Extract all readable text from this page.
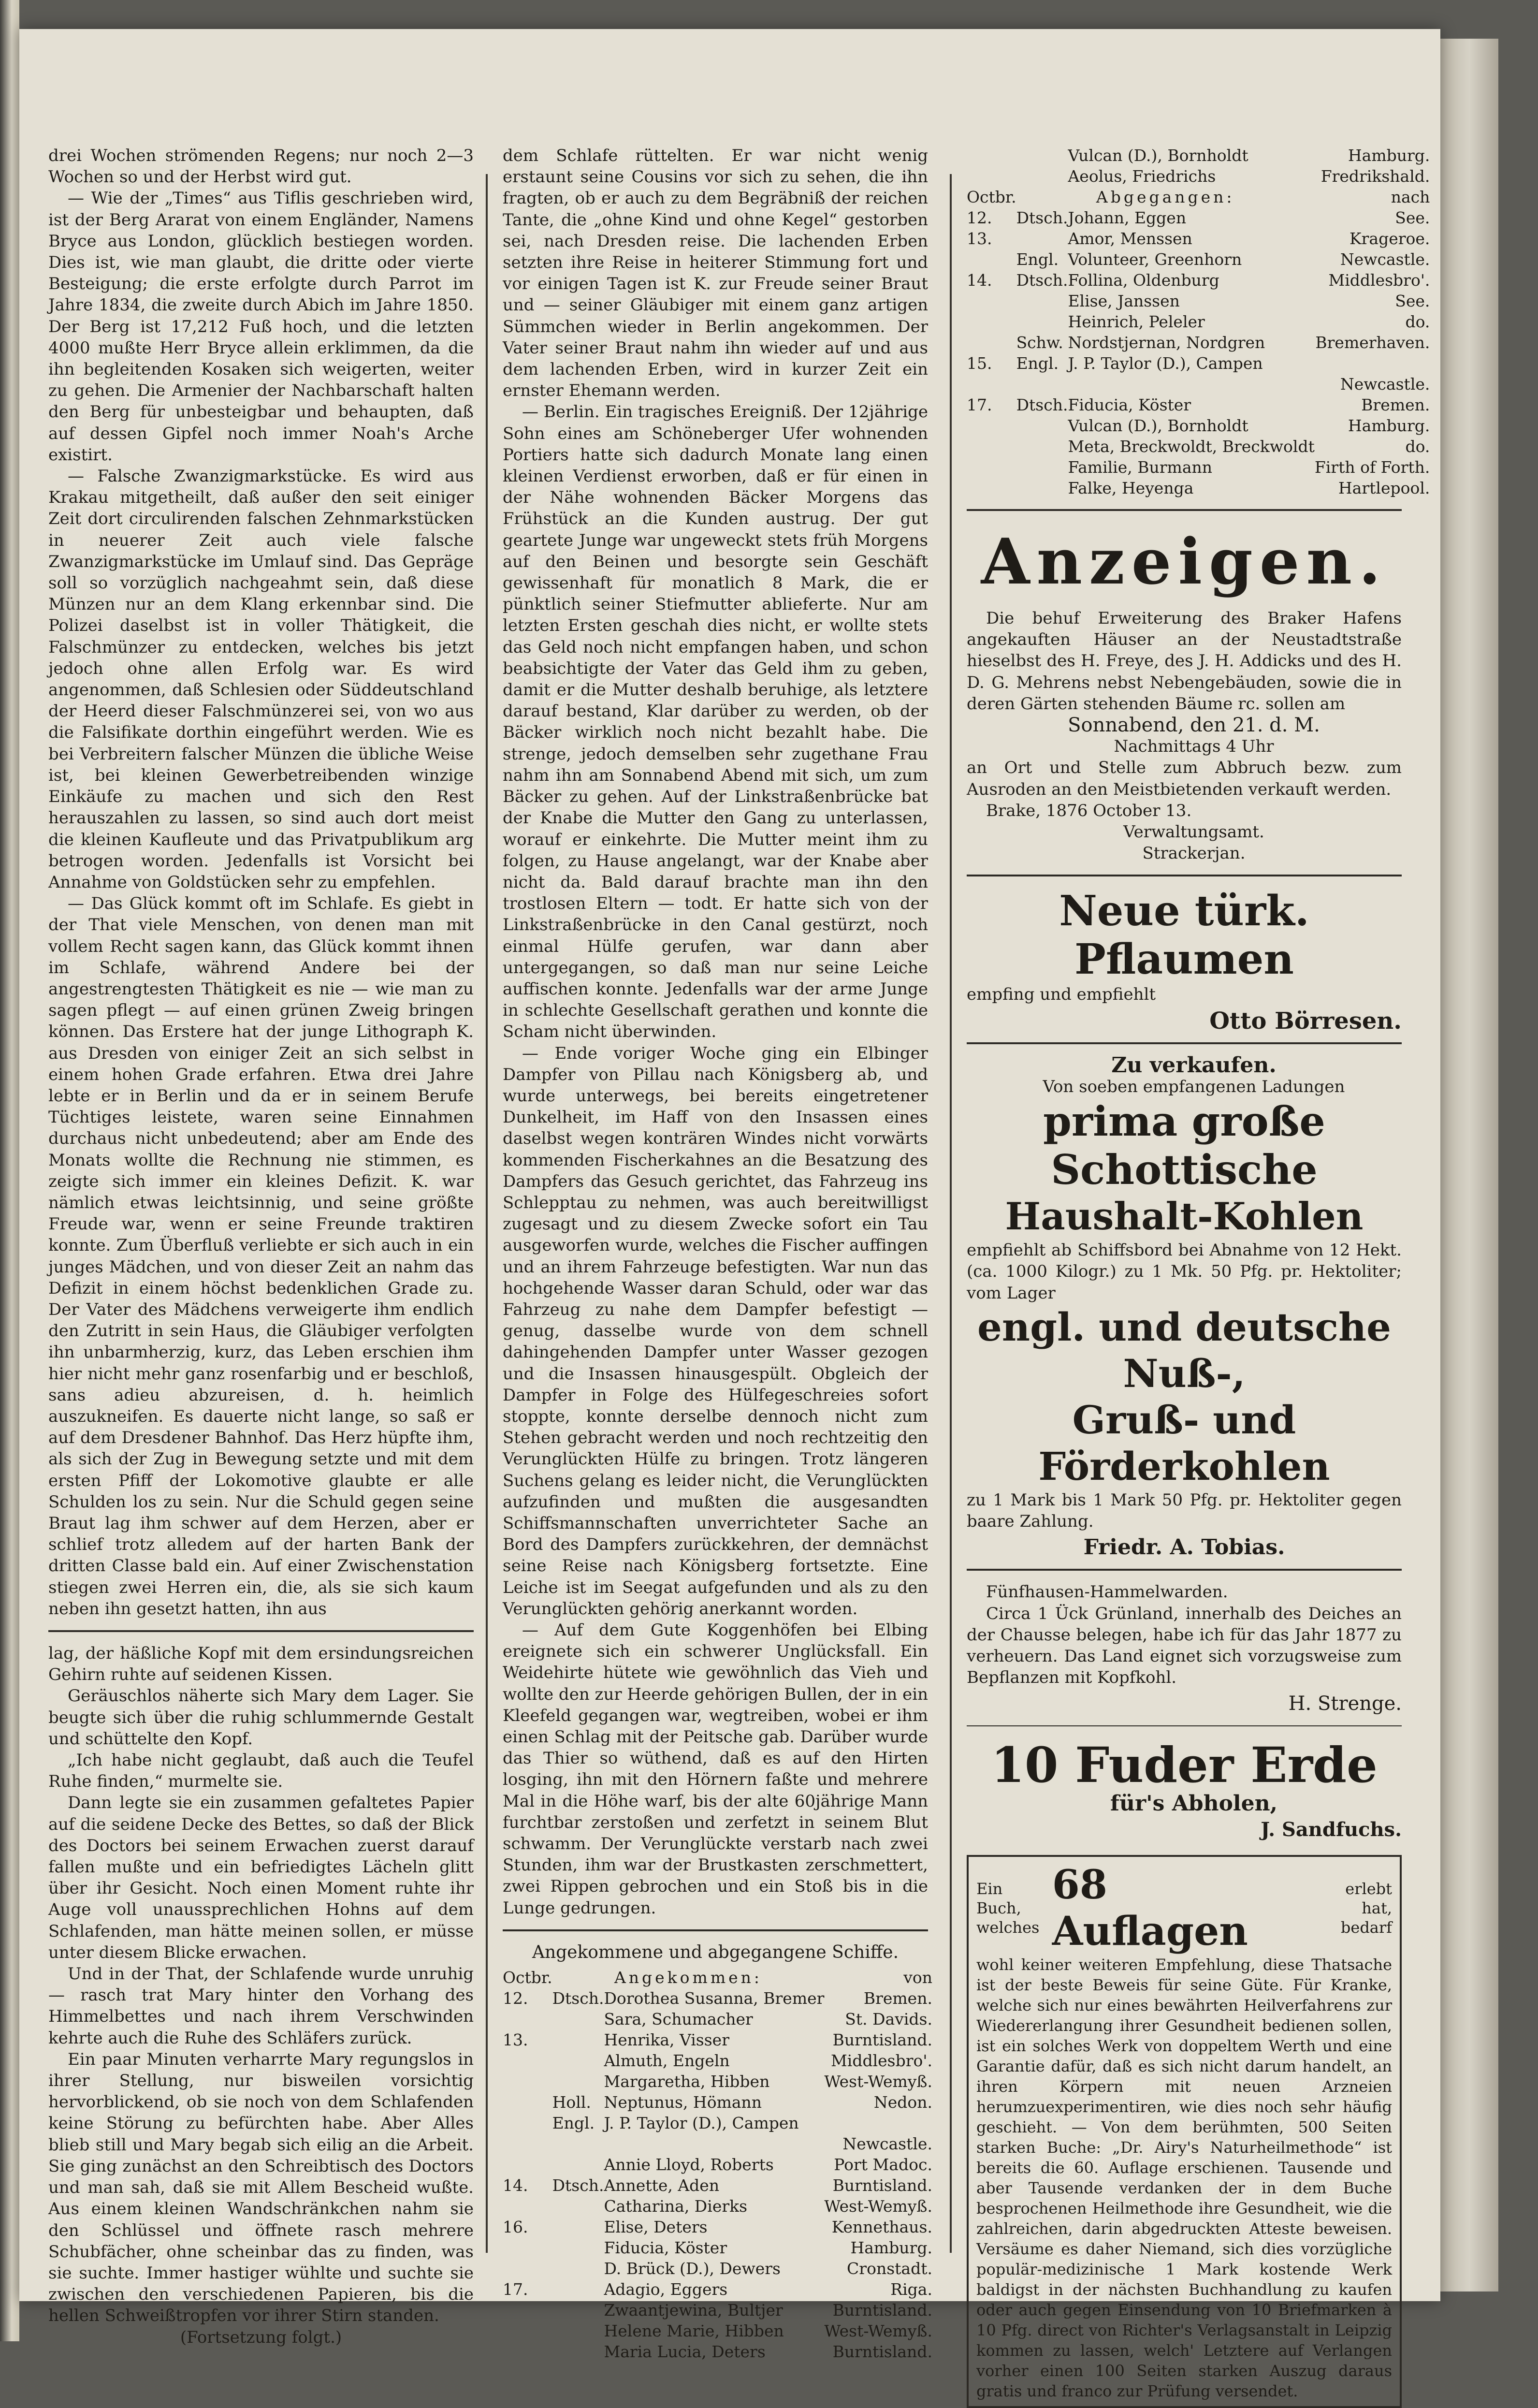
drei Wochen strömenden Regens; nur noch 2—3 Wochen so und der Herbst wird gut.

— Wie der „Times“ aus Tiflis geschrieben wird, ist der Berg Ararat von einem Engländer, Namens Bryce aus London, glücklich bestiegen worden. Dies ist, wie man glaubt, die dritte oder vierte Besteigung; die erste erfolgte durch Parrot im Jahre 1834, die zweite durch Abich im Jahre 1850. Der Berg ist 17,212 Fuß hoch, und die letzten 4000 mußte Herr Bryce allein erklimmen, da die ihn begleitenden Kosaken sich weigerten, weiter zu gehen. Die Armenier der Nachbarschaft halten den Berg für unbesteigbar und behaupten, daß auf dessen Gipfel noch immer Noah's Arche existirt.

— Falsche Zwanzigmarkstücke. Es wird aus Krakau mitgetheilt, daß außer den seit einiger Zeit dort circulirenden falschen Zehnmarkstücken in neuerer Zeit auch viele falsche Zwanzigmarkstücke im Umlauf sind. Das Gepräge soll so vorzüglich nachgeahmt sein, daß diese Münzen nur an dem Klang erkennbar sind. Die Polizei daselbst ist in voller Thätigkeit, die Falschmünzer zu entdecken, welches bis jetzt jedoch ohne allen Erfolg war. Es wird angenommen, daß Schlesien oder Süddeutschland der Heerd dieser Falschmünzerei sei, von wo aus die Falsifikate dorthin eingeführt werden. Wie es bei Verbreitern falscher Münzen die übliche Weise ist, bei kleinen Gewerbetreibenden winzige Einkäufe zu machen und sich den Rest herauszahlen zu lassen, so sind auch dort meist die kleinen Kaufleute und das Privatpublikum arg betrogen worden. Jedenfalls ist Vorsicht bei Annahme von Goldstücken sehr zu empfehlen.

— Das Glück kommt oft im Schlafe. Es giebt in der That viele Menschen, von denen man mit vollem Recht sagen kann, das Glück kommt ihnen im Schlafe, während Andere bei der angestrengtesten Thätigkeit es nie — wie man zu sagen pflegt — auf einen grünen Zweig bringen können. Das Erstere hat der junge Lithograph K. aus Dresden von einiger Zeit an sich selbst in einem hohen Grade erfahren. Etwa drei Jahre lebte er in Berlin und da er in seinem Berufe Tüchtiges leistete, waren seine Einnahmen durchaus nicht unbedeutend; aber am Ende des Monats wollte die Rechnung nie stimmen, es zeigte sich immer ein kleines Defizit. K. war nämlich etwas leichtsinnig, und seine größte Freude war, wenn er seine Freunde traktiren konnte. Zum Überfluß verliebte er sich auch in ein junges Mädchen, und von dieser Zeit an nahm das Defizit in einem höchst bedenklichen Grade zu. Der Vater des Mädchens verweigerte ihm endlich den Zutritt in sein Haus, die Gläubiger verfolgten ihn unbarmherzig, kurz, das Leben erschien ihm hier nicht mehr ganz rosenfarbig und er beschloß, sans adieu abzureisen, d. h. heimlich auszukneifen. Es dauerte nicht lange, so saß er auf dem Dresdener Bahnhof. Das Herz hüpfte ihm, als sich der Zug in Bewegung setzte und mit dem ersten Pfiff der Lokomotive glaubte er alle Schulden los zu sein. Nur die Schuld gegen seine Braut lag ihm schwer auf dem Herzen, aber er schlief trotz alledem auf der harten Bank der dritten Classe bald ein. Auf einer Zwischenstation stiegen zwei Herren ein, die, als sie sich kaum neben ihn gesetzt hatten, ihn aus

lag, der häßliche Kopf mit dem ersindungsreichen Gehirn ruhte auf seidenen Kissen.

Geräuschlos näherte sich Mary dem Lager. Sie beugte sich über die ruhig schlummernde Gestalt und schüttelte den Kopf.

„Ich habe nicht geglaubt, daß auch die Teufel Ruhe finden,“ murmelte sie.

Dann legte sie ein zusammen gefaltetes Papier auf die seidene Decke des Bettes, so daß der Blick des Doctors bei seinem Erwachen zuerst darauf fallen mußte und ein befriedigtes Lächeln glitt über ihr Gesicht. Noch einen Moment ruhte ihr Auge voll unaussprechlichen Hohns auf dem Schlafenden, man hätte meinen sollen, er müsse unter diesem Blicke erwachen.

Und in der That, der Schlafende wurde unruhig — rasch trat Mary hinter den Vorhang des Himmelbettes und nach ihrem Verschwinden kehrte auch die Ruhe des Schläfers zurück.

Ein paar Minuten verharrte Mary regungslos in ihrer Stellung, nur bisweilen vorsichtig hervorblickend, ob sie noch von dem Schlafenden keine Störung zu befürchten habe. Aber Alles blieb still und Mary begab sich eilig an die Arbeit. Sie ging zunächst an den Schreibtisch des Doctors und man sah, daß sie mit Allem Bescheid wußte. Aus einem kleinen Wandschränkchen nahm sie den Schlüssel und öffnete rasch mehrere Schubfächer, ohne scheinbar das zu finden, was sie suchte. Immer hastiger wühlte und suchte sie zwischen den verschiedenen Papieren, bis die hellen Schweißtropfen vor ihrer Stirn standen.

(Fortsetzung folgt.)

dem Schlafe rüttelten. Er war nicht wenig erstaunt seine Cousins vor sich zu sehen, die ihn fragten, ob er auch zu dem Begräbniß der reichen Tante, die „ohne Kind und ohne Kegel“ gestorben sei, nach Dresden reise. Die lachenden Erben setzten ihre Reise in heiterer Stimmung fort und vor einigen Tagen ist K. zur Freude seiner Braut und — seiner Gläubiger mit einem ganz artigen Sümmchen wieder in Berlin angekommen. Der Vater seiner Braut nahm ihn wieder auf und aus dem lachenden Erben, wird in kurzer Zeit ein ernster Ehemann werden.

— Berlin. Ein tragisches Ereigniß. Der 12jährige Sohn eines am Schöneberger Ufer wohnenden Portiers hatte sich dadurch Monate lang einen kleinen Verdienst erworben, daß er für einen in der Nähe wohnenden Bäcker Morgens das Frühstück an die Kunden austrug. Der gut geartete Junge war ungeweckt stets früh Morgens auf den Beinen und besorgte sein Geschäft gewissenhaft für monatlich 8 Mark, die er pünktlich seiner Stiefmutter ablieferte. Nur am letzten Ersten geschah dies nicht, er wollte stets das Geld noch nicht empfangen haben, und schon beabsichtigte der Vater das Geld ihm zu geben, damit er die Mutter deshalb beruhige, als letztere darauf bestand, Klar darüber zu werden, ob der Bäcker wirklich noch nicht bezahlt habe. Die strenge, jedoch demselben sehr zugethane Frau nahm ihn am Sonnabend Abend mit sich, um zum Bäcker zu gehen. Auf der Linkstraßenbrücke bat der Knabe die Mutter den Gang zu unterlassen, worauf er einkehrte. Die Mutter meint ihm zu folgen, zu Hause angelangt, war der Knabe aber nicht da. Bald darauf brachte man ihn den trostlosen Eltern — todt. Er hatte sich von der Linkstraßenbrücke in den Canal gestürzt, noch einmal Hülfe gerufen, war dann aber untergegangen, so daß man nur seine Leiche auffischen konnte. Jedenfalls war der arme Junge in schlechte Gesellschaft gerathen und konnte die Scham nicht überwinden.

— Ende voriger Woche ging ein Elbinger Dampfer von Pillau nach Königsberg ab, und wurde unterwegs, bei bereits eingetretener Dunkelheit, im Haff von den Insassen eines daselbst wegen konträren Windes nicht vorwärts kommenden Fischerkahnes an die Besatzung des Dampfers das Gesuch gerichtet, das Fahrzeug ins Schlepptau zu nehmen, was auch bereitwilligst zugesagt und zu diesem Zwecke sofort ein Tau ausgeworfen wurde, welches die Fischer auffingen und an ihrem Fahrzeuge befestigten. War nun das hochgehende Wasser daran Schuld, oder war das Fahrzeug zu nahe dem Dampfer befestigt — genug, dasselbe wurde von dem schnell dahingehenden Dampfer unter Wasser gezogen und die Insassen hinausgespült. Obgleich der Dampfer in Folge des Hülfegeschreies sofort stoppte, konnte derselbe dennoch nicht zum Stehen gebracht werden und noch rechtzeitig den Verunglückten Hülfe zu bringen. Trotz längeren Suchens gelang es leider nicht, die Verunglückten aufzufinden und mußten die ausgesandten Schiffsmannschaften unverrichteter Sache an Bord des Dampfers zurückkehren, der demnächst seine Reise nach Königsberg fortsetzte. Eine Leiche ist im Seegat aufgefunden und als zu den Verunglückten gehörig anerkannt worden.

— Auf dem Gute Koggenhöfen bei Elbing ereignete sich ein schwerer Unglücksfall. Ein Weidehirte hütete wie gewöhnlich das Vieh und wollte den zur Heerde gehörigen Bullen, der in ein Kleefeld gegangen war, wegtreiben, wobei er ihm einen Schlag mit der Peitsche gab. Darüber wurde das Thier so wüthend, daß es auf den Hirten losging, ihn mit den Hörnern faßte und mehrere Mal in die Höhe warf, bis der alte 60jährige Mann furchtbar zerstoßen und zerfetzt in seinem Blut schwamm. Der Verunglückte verstarb nach zwei Stunden, ihm war der Brustkasten zerschmettert, zwei Rippen gebrochen und ein Stoß bis in die Lunge gedrungen.

Angekommene und abgegangene Schiffe.
Octbr.	Angekommen:		von
12.	Dtsch.	Dorothea Susanna, Bremer	Bremen.
		Sara, Schumacher	St. Davids.
13.		Henrika, Visser	Burntisland.
		Almuth, Engeln	Middlesbro'.
		Margaretha, Hibben	West-Wemyß.
	Holl.	Neptunus, Hömann	Nedon.
	Engl.	J. P. Taylor (D.), Campen	
			Newcastle.
		Annie Lloyd, Roberts	Port Madoc.
14.	Dtsch.	Annette, Aden	Burntisland.
		Catharina, Dierks	West-Wemyß.
16.		Elise, Deters	Kennethaus.
		Fiducia, Köster	Hamburg.
		D. Brück (D.), Dewers	Cronstadt.
17.		Adagio, Eggers	Riga.
		Zwaantjewina, Bultjer	Burntisland.
		Helene Marie, Hibben	West-Wemyß.
		Maria Lucia, Deters	Burntisland.
		Vulcan (D.), Bornholdt	Hamburg.
		Aeolus, Friedrichs	Fredrikshald.
Octbr.	Abgegangen:		nach
12.	Dtsch.	Johann, Eggen	See.
13.		Amor, Menssen	Krageroe.
	Engl.	Volunteer, Greenhorn	Newcastle.
14.	Dtsch.	Follina, Oldenburg	Middlesbro'.
		Elise, Janssen	See.
		Heinrich, Peleler	do.
	Schw.	Nordstjernan, Nordgren	Bremerhaven.
15.	Engl.	J. P. Taylor (D.), Campen	
			Newcastle.
17.	Dtsch.	Fiducia, Köster	Bremen.
		Vulcan (D.), Bornholdt	Hamburg.
		Meta, Breckwoldt, Breckwoldt	do.
		Familie, Burmann	Firth of Forth.
		Falke, Heyenga	Hartlepool.
Anzeigen.

Die behuf Erweiterung des Braker Hafens angekauften Häuser an der Neustadtstraße hieselbst des H. Freye, des J. H. Addicks und des H. D. G. Mehrens nebst Nebengebäuden, sowie die in deren Gärten stehenden Bäume rc. sollen am

Sonnabend, den 21. d. M.

Nachmittags 4 Uhr

an Ort und Stelle zum Abbruch bezw. zum Ausroden an den Meistbietenden verkauft werden.

Brake, 1876 October 13.

Verwaltungsamt.

Strackerjan.

Neue türk. Pflaumen

empfing und empfiehlt

Otto Börresen.

Zu verkaufen.

Von soeben empfangenen Ladungen

prima große Schottische
Haushalt-Kohlen

empfiehlt ab Schiffsbord bei Abnahme von 12 Hekt. (ca. 1000 Kilogr.) zu 1 Mk. 50 Pfg. pr. Hektoliter; vom Lager

engl. und deutsche Nuß-,
Gruß- und Förderkohlen

zu 1 Mark bis 1 Mark 50 Pfg. pr. Hektoliter gegen baare Zahlung.

Friedr. A. Tobias.

Fünfhausen-Hammelwarden.

Circa 1 Ück Grünland, innerhalb des Deiches an der Chausse belegen, habe ich für das Jahr 1877 zu verheuern. Das Land eignet sich vorzugsweise zum Bepflanzen mit Kopfkohl.

H. Strenge.
10 Fuder Erde

für's Abholen,

J. Sandfuchs.
Ein Buch, welches
68 Auflagen
erlebt hat, bedarf

wohl keiner weiteren Empfehlung, diese Thatsache ist der beste Beweis für seine Güte. Für Kranke, welche sich nur eines bewährten Heilverfahrens zur Wiedererlangung ihrer Gesundheit bedienen sollen, ist ein solches Werk von doppeltem Werth und eine Garantie dafür, daß es sich nicht darum handelt, an ihren Körpern mit neuen Arzneien herumzuexperimentiren, wie dies noch sehr häufig geschieht. — Von dem berühmten, 500 Seiten starken Buche: „Dr. Airy's Naturheilmethode“ ist bereits die 60. Auflage erschienen. Tausende und aber Tausende verdanken der in dem Buche besprochenen Heilmethode ihre Gesundheit, wie die zahlreichen, darin abgedruckten Atteste beweisen. Versäume es daher Niemand, sich dies vorzügliche populär-medizinische 1 Mark kostende Werk baldigst in der nächsten Buchhandlung zu kaufen oder auch gegen Einsendung von 10 Briefmarken à 10 Pfg. direct von Richter's Verlagsanstalt in Leipzig kommen zu lassen, welch' Letztere auf Verlangen vorher einen 100 Seiten starken Auszug daraus gratis und franco zur Prüfung versendet.
